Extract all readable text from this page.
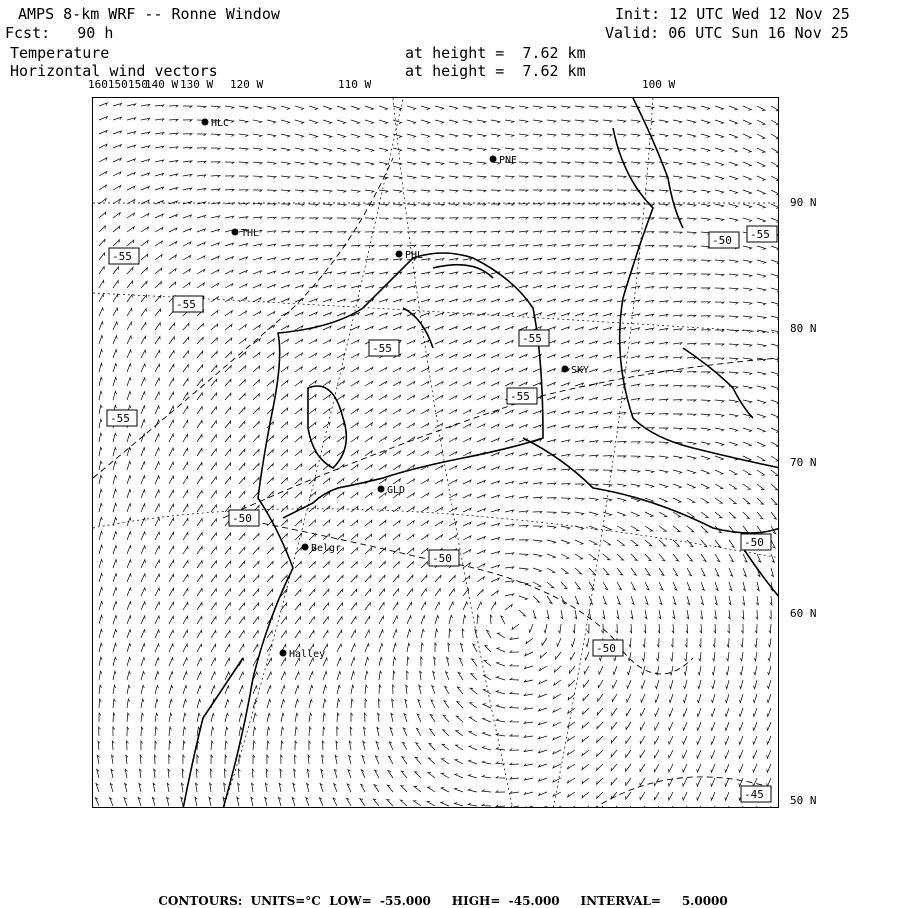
AMPS 8-km WRF -- Ronne Window	Init: 12 UTC Wed 12 Nov 25
Fcst:   90 h	Valid: 06 UTC Sun 16 Nov 25
Temperature
Horizontal wind vectors
at height =  7.62 km
at height =  7.62 km
160150 150
140 W 130 W 120 W	110 W	100 W
90 N
80 N
70 N
60 N
50 N
HLC
PNE
THL
PHL
SKY
GLD
Belgr
Halley
-55
-55
-55
-55
-55
-55
-50
-50
-50
-45
-50
-50
-55

CONTOURS: UNITS=°C LOW=  -55.000 HIGH=  -45.000 INTERVAL=     5.0000
